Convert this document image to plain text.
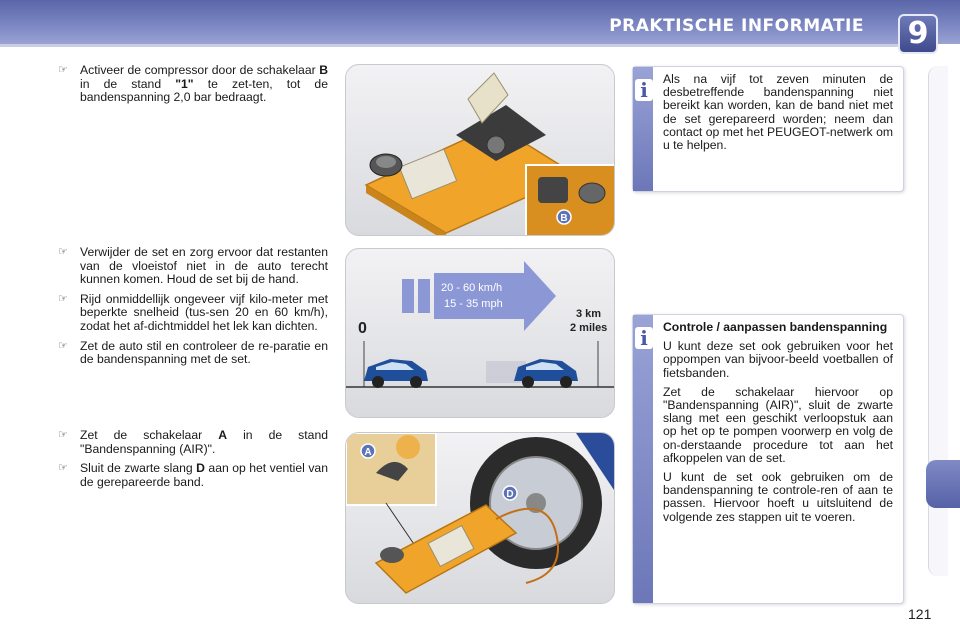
PRAKTISCHE INFORMATIE	9
☞ Activeer de compressor door de schakelaar B in de stand "1" te zet-ten, tot de bandenspanning 2,0 bar bedraagt.
☞ Verwijder de set en zorg ervoor dat restanten van de vloeistof niet in de auto terecht kunnen komen. Houd de set bij de hand.
☞ Rijd onmiddellijk ongeveer vijf kilo-meter met beperkte snelheid (tus-sen 20 en 60 km/h), zodat het af-dichtmiddel het lek kan dichten.
☞ Zet de auto stil en controleer de re-paratie en de bandenspanning met de set.
☞ Zet de schakelaar A in de stand "Bandenspanning (AIR)".
☞ Sluit de zwarte slang D aan op het ventiel van de gerepareerde band.
B
20 - 60 km/h
15 - 35 mph
0
3 km
2 miles
A
D
i	Als na vijf tot zeven minuten de desbetreffende bandenspanning niet bereikt kan worden, kan de band niet met de set gerepareerd worden; neem dan contact op met het PEUGEOT-netwerk om u te helpen.

i	Controle / aanpassen bandenspanning

U kunt deze set ook gebruiken voor het oppompen van bijvoor-beeld voetballen of fietsbanden.

Zet de schakelaar hiervoor op "Bandenspanning (AIR)", sluit de zwarte slang met een geschikt verloopstuk aan op het op te pompen voorwerp en volg de on-derstaande procedure tot aan het afkoppelen van de set.

U kunt de set ook gebruiken om de bandenspanning te controle-ren of aan te passen. Hiervoor hoeft u uitsluitend de volgende zes stappen uit te voeren.

121
